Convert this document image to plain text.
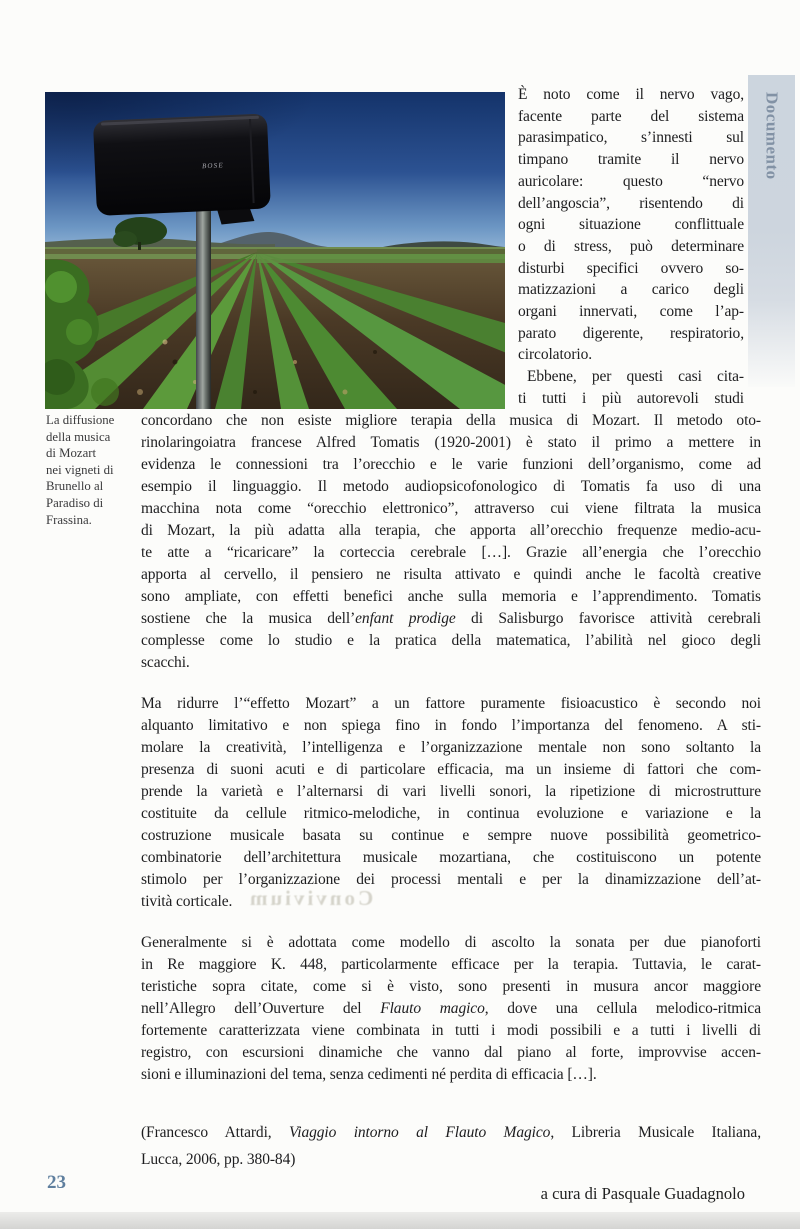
BOSE	Documento
La diffusione
della musica
di Mozart
nei vigneti di
Brunello al
Paradiso di
Frassina.
È noto come il nervo vago,
facente parte del sistema
parasimpatico, s’innesti sul
timpano tramite il nervo
auricolare: questo “nervo
dell’angoscia”, risentendo di
ogni situazione conflittuale
o di stress, può determinare
disturbi specifici ovvero so-
matizzazioni a carico degli
organi innervati, come l’ap-
parato digerente, respiratorio,
circolatorio.
Ebbene, per questi casi cita-
ti tutti i più autorevoli studi
concordano che non esiste migliore terapia della musica di Mozart. Il metodo oto-
rinolaringoiatra francese Alfred Tomatis (1920-2001) è stato il primo a mettere in
evidenza le connessioni tra l’orecchio e le varie funzioni dell’organismo, come ad
esempio il linguaggio. Il metodo audiopsicofonologico di Tomatis fa uso di una
macchina nota come “orecchio elettronico”, attraverso cui viene filtrata la musica
di Mozart, la più adatta alla terapia, che apporta all’orecchio frequenze medio-acu-
te atte a “ricaricare” la corteccia cerebrale […]. Grazie all’energia che l’orecchio
apporta al cervello, il pensiero ne risulta attivato e quindi anche le facoltà creative
sono ampliate, con effetti benefici anche sulla memoria e l’apprendimento. Tomatis
sostiene che la musica dell’enfant prodige di Salisburgo favorisce attività cerebrali
complesse come lo studio e la pratica della matematica, l’abilità nel gioco degli
scacchi.
Ma ridurre l’“effetto Mozart” a un fattore puramente fisioacustico è secondo noi
alquanto limitativo e non spiega fino in fondo l’importanza del fenomeno. A sti-
molare la creatività, l’intelligenza e l’organizzazione mentale non sono soltanto la
presenza di suoni acuti e di particolare efficacia, ma un insieme di fattori che com-
prende la varietà e l’alternarsi di vari livelli sonori, la ripetizione di microstrutture
costituite da cellule ritmico-melodiche, in continua evoluzione e variazione e la
costruzione musicale basata su continue e sempre nuove possibilità geometrico-
combinatorie dell’architettura musicale mozartiana, che costituiscono un potente
stimolo per l’organizzazione dei processi mentali e per la dinamizzazione dell’at-
tività corticale.
Generalmente si è adottata come modello di ascolto la sonata per due pianoforti
in Re maggiore K. 448, particolarmente efficace per la terapia. Tuttavia, le carat-
teristiche sopra citate, come si è visto, sono presenti in musura ancor maggiore
nell’Allegro dell’Ouverture del Flauto magico, dove una cellula melodico-ritmica
fortemente caratterizzata viene combinata in tutti i modi possibili e a tutti i livelli di
registro, con escursioni dinamiche che vanno dal piano al forte, improvvise accen-
sioni e illuminazioni del tema, senza cedimenti né perdita di efficacia […].
Convivium
(Francesco Attardi, Viaggio intorno al Flauto Magico, Libreria Musicale Italiana,
Lucca, 2006, pp. 380-84)
23
a cura di Pasquale Guadagnolo
